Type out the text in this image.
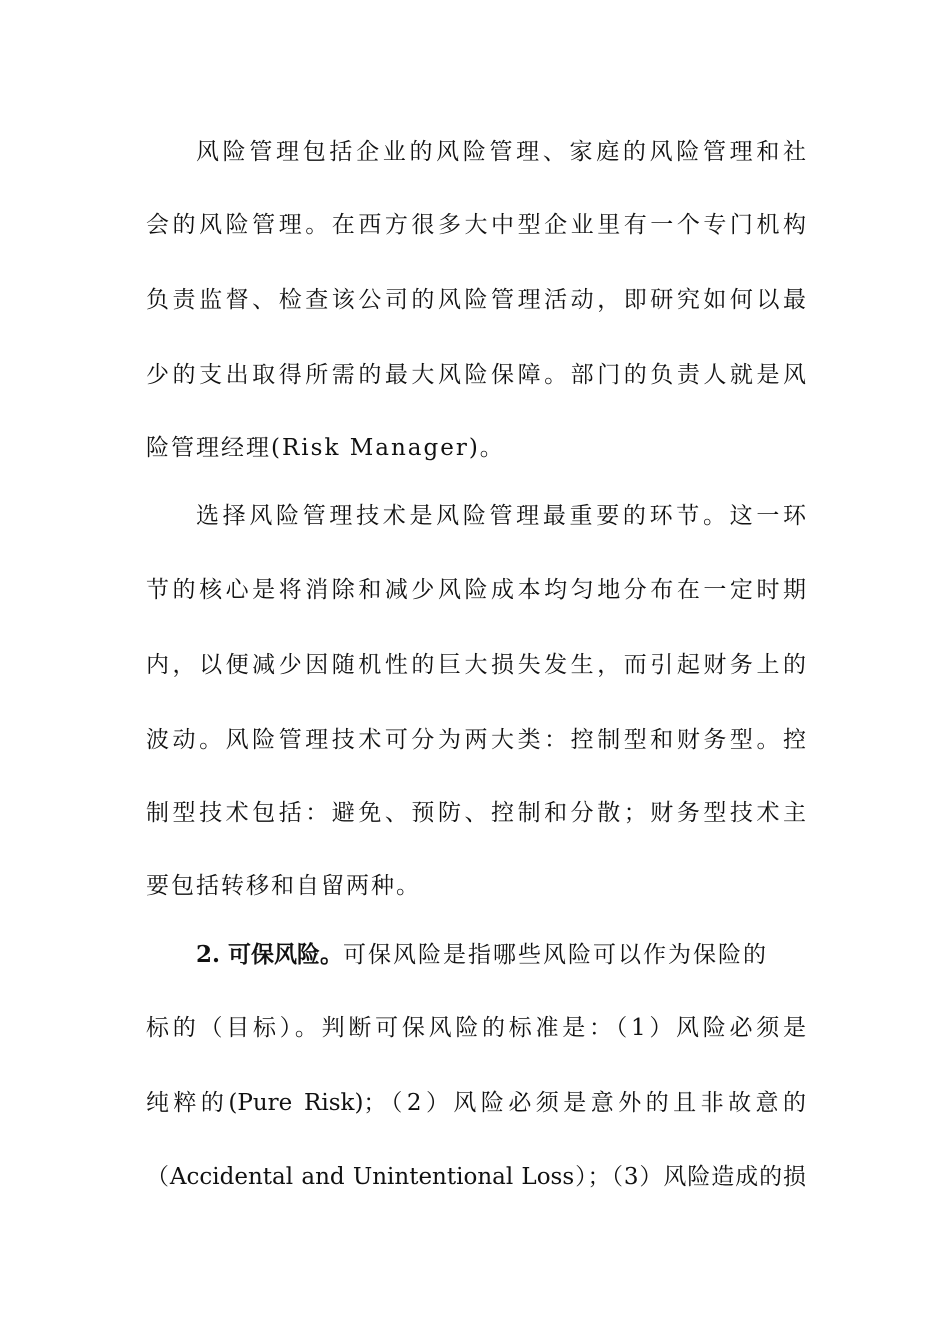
风险管理包括企业的风险管理、家庭的风险管理和社
会的风险管理。在西方很多大中型企业里有一个专门机构
负责监督、检查该公司的风险管理活动，即研究如何以最
少的支出取得所需的最大风险保障。部门的负责人就是风
险管理经理(Risk Manager)。
选择风险管理技术是风险管理最重要的环节。这一环
节的核心是将消除和减少风险成本均匀地分布在一定时期
内，以便减少因随机性的巨大损失发生，而引起财务上的
波动。风险管理技术可分为两大类：控制型和财务型。控
制型技术包括：避免、预防、控制和分散；财务型技术主
要包括转移和自留两种。
2. 可保风险。可保风险是指哪些风险可以作为保险的
标的（目标）。判断可保风险的标准是：（1）风险必须是
纯粹的(Pure Risk)；（2）风险必须是意外的且非故意的
（Accidental and Unintentional Loss）；（3）风险造成的损
